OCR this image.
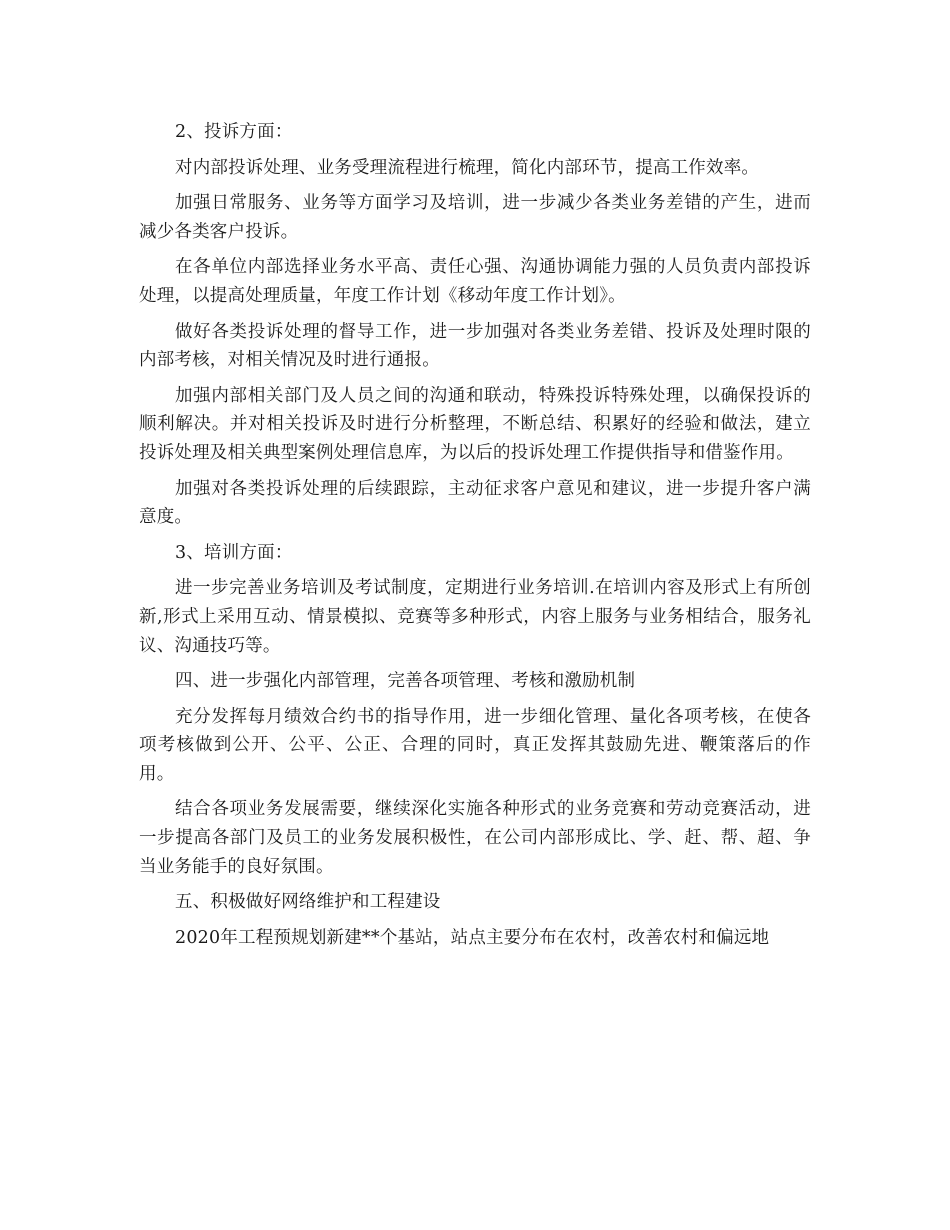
2、投诉方面：

对内部投诉处理、业务受理流程进行梳理，简化内部环节，提高工作效率。

加强日常服务、业务等方面学习及培训，进一步减少各类业务差错的产生，进而减少各类客户投诉。

在各单位内部选择业务水平高、责任心强、沟通协调能力强的人员负责内部投诉处理，以提高处理质量，年度工作计划《移动年度工作计划》。

做好各类投诉处理的督导工作，进一步加强对各类业务差错、投诉及处理时限的内部考核，对相关情况及时进行通报。

加强内部相关部门及人员之间的沟通和联动，特殊投诉特殊处理，以确保投诉的顺利解决。并对相关投诉及时进行分析整理，不断总结、积累好的经验和做法，建立投诉处理及相关典型案例处理信息库，为以后的投诉处理工作提供指导和借鉴作用。

加强对各类投诉处理的后续跟踪，主动征求客户意见和建议，进一步提升客户满意度。

3、培训方面：

进一步完善业务培训及考试制度，定期进行业务培训.在培训内容及形式上有所创新,形式上采用互动、情景模拟、竞赛等多种形式，内容上服务与业务相结合，服务礼议、沟通技巧等。

四、进一步强化内部管理，完善各项管理、考核和激励机制

充分发挥每月绩效合约书的指导作用，进一步细化管理、量化各项考核，在使各项考核做到公开、公平、公正、合理的同时，真正发挥其鼓励先进、鞭策落后的作用。

结合各项业务发展需要，继续深化实施各种形式的业务竞赛和劳动竞赛活动，进一步提高各部门及员工的业务发展积极性，在公司内部形成比、学、赶、帮、超、争当业务能手的良好氛围。

五、积极做好网络维护和工程建设

2020年工程预规划新建**个基站，站点主要分布在农村，改善农村和偏远地
